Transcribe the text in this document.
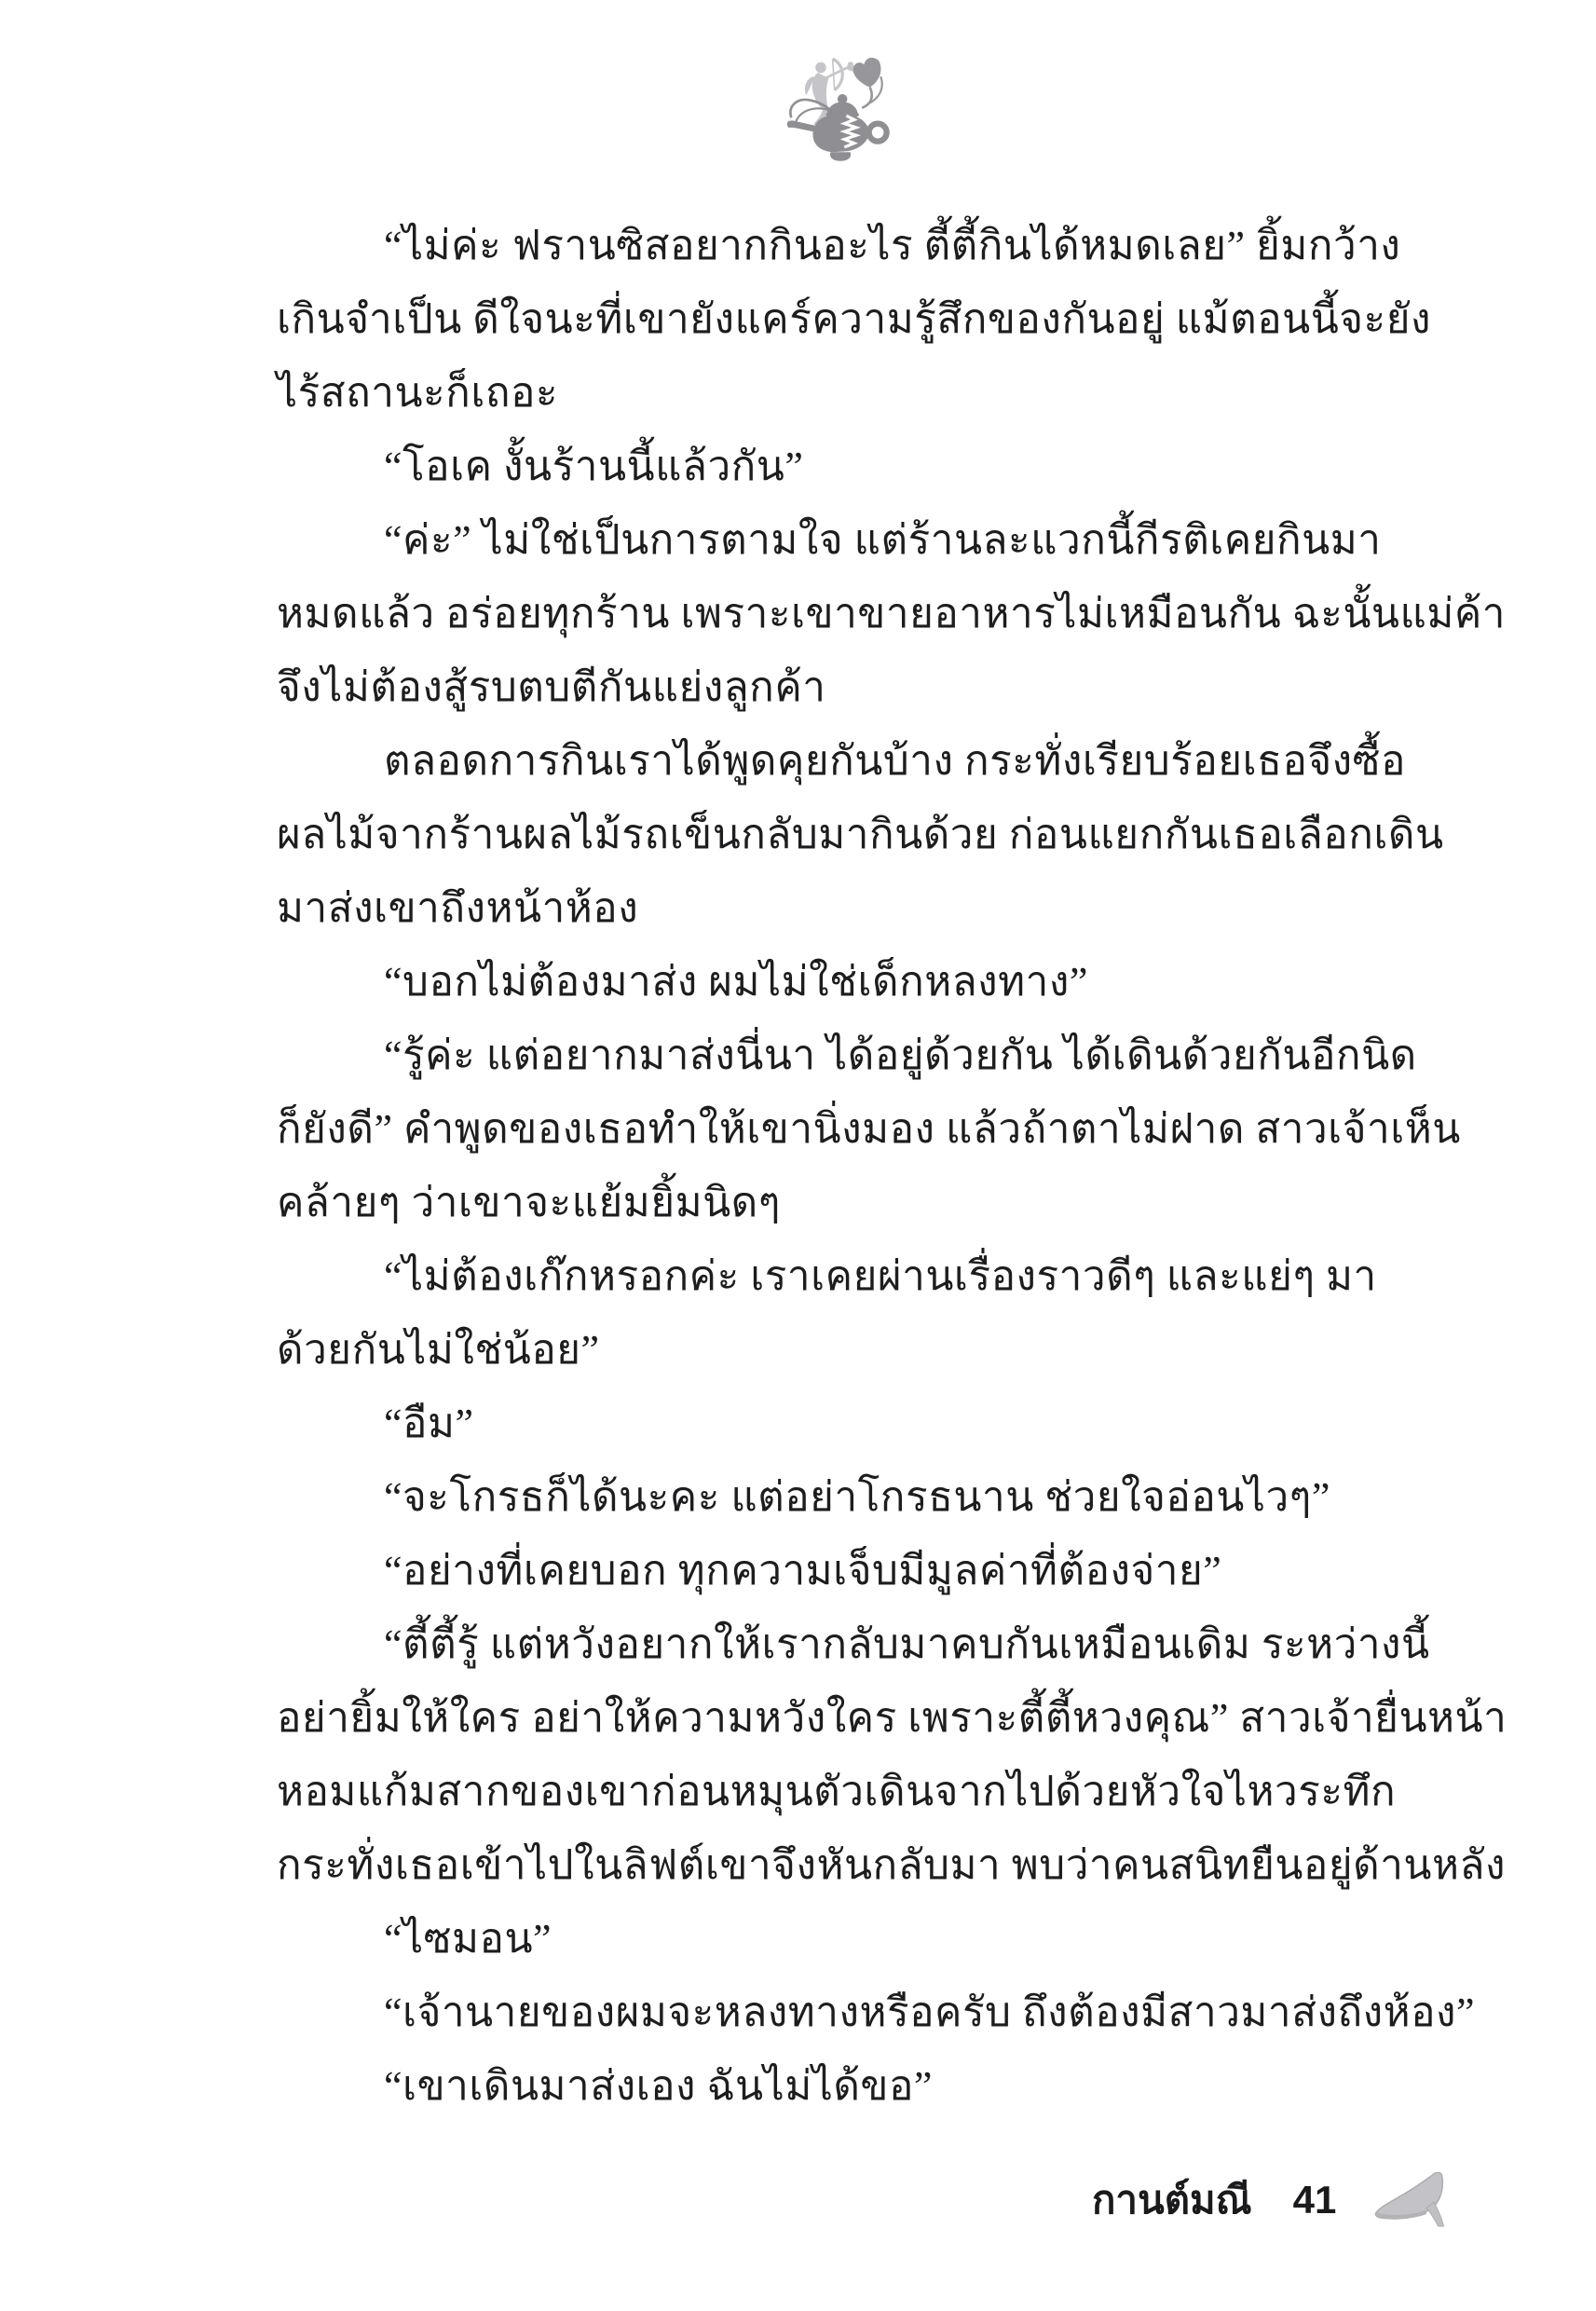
“ไม่ค่ะ ฟรานซิสอยากกินอะไร ตี้ตี้กินได้หมดเลย” ยิ้มกว้าง
เกินจำเป็น ดีใจนะที่เขายังแคร์ความรู้สึกของกันอยู่ แม้ตอนนี้จะยัง
ไร้สถานะก็เถอะ
“โอเค งั้นร้านนี้แล้วกัน”
“ค่ะ” ไม่ใช่เป็นการตามใจ แต่ร้านละแวกนี้กีรติเคยกินมา
หมดแล้ว อร่อยทุกร้าน เพราะเขาขายอาหารไม่เหมือนกัน ฉะนั้นแม่ค้า
จึงไม่ต้องสู้รบตบตีกันแย่งลูกค้า
ตลอดการกินเราได้พูดคุยกันบ้าง กระทั่งเรียบร้อยเธอจึงซื้อ
ผลไม้จากร้านผลไม้รถเข็นกลับมากินด้วย ก่อนแยกกันเธอเลือกเดิน
มาส่งเขาถึงหน้าห้อง
“บอกไม่ต้องมาส่ง ผมไม่ใช่เด็กหลงทาง”
“รู้ค่ะ แต่อยากมาส่งนี่นา ได้อยู่ด้วยกัน ได้เดินด้วยกันอีกนิด
ก็ยังดี” คำพูดของเธอทำให้เขานิ่งมอง แล้วถ้าตาไม่ฝาด สาวเจ้าเห็น
คล้ายๆ ว่าเขาจะแย้มยิ้มนิดๆ
“ไม่ต้องเก๊กหรอกค่ะ เราเคยผ่านเรื่องราวดีๆ และแย่ๆ มา
ด้วยกันไม่ใช่น้อย”
“อืม”
“จะโกรธก็ได้นะคะ แต่อย่าโกรธนาน ช่วยใจอ่อนไวๆ”
“อย่างที่เคยบอก ทุกความเจ็บมีมูลค่าที่ต้องจ่าย”
“ตี้ตี้รู้ แต่หวังอยากให้เรากลับมาคบกันเหมือนเดิม ระหว่างนี้
อย่ายิ้มให้ใคร อย่าให้ความหวังใคร เพราะตี้ตี้หวงคุณ” สาวเจ้ายื่นหน้า
หอมแก้มสากของเขาก่อนหมุนตัวเดินจากไปด้วยหัวใจไหวระทึก
กระทั่งเธอเข้าไปในลิฟต์เขาจึงหันกลับมา พบว่าคนสนิทยืนอยู่ด้านหลัง
“ไซมอน”
“เจ้านายของผมจะหลงทางหรือครับ ถึงต้องมีสาวมาส่งถึงห้อง”
“เขาเดินมาส่งเอง ฉันไม่ได้ขอ”
กานต์มณี 41
